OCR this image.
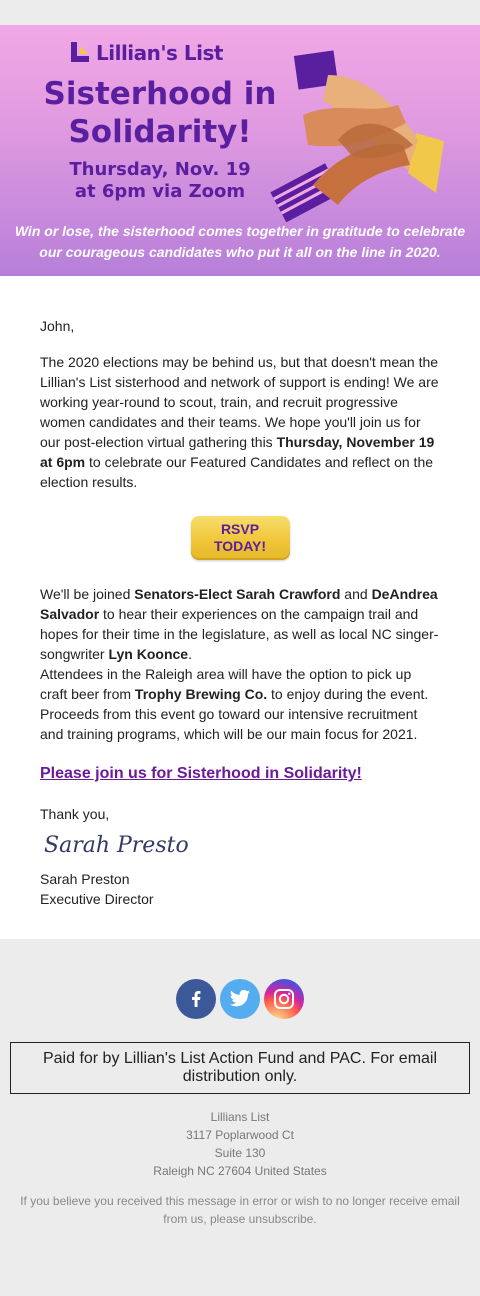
Lillian's List
Sisterhood in Solidarity!
Thursday, Nov. 19
at 6pm via Zoom
Win or lose, the sisterhood comes together in gratitude to celebrate our courageous candidates who put it all on the line in 2020.

John,

The 2020 elections may be behind us, but that doesn't mean the Lillian's List sisterhood and network of support is ending! We are working year-round to scout, train, and recruit progressive women candidates and their teams. We hope you'll join us for our post-election virtual gathering this Thursday, November 19 at 6pm to celebrate our Featured Candidates and reflect on the election results.

RSVP
TODAY!

We'll be joined Senators-Elect Sarah Crawford and DeAndrea Salvador to hear their experiences on the campaign trail and hopes for their time in the legislature, as well as local NC singer-songwriter Lyn Koonce.

Attendees in the Raleigh area will have the option to pick up craft beer from Trophy Brewing Co. to enjoy during the event. Proceeds from this event go toward our intensive recruitment and training programs, which will be our main focus for 2021.

Please join us for Sisterhood in Solidarity!

Thank you,

Sarah Preston

Sarah Preston

Executive Director

Paid for by Lillian's List Action Fund and PAC. For email distribution only.
Lillians List
3117 Poplarwood Ct
Suite 130
Raleigh NC 27604 United States
If you believe you received this message in error or wish to no longer receive email from us, please unsubscribe.
